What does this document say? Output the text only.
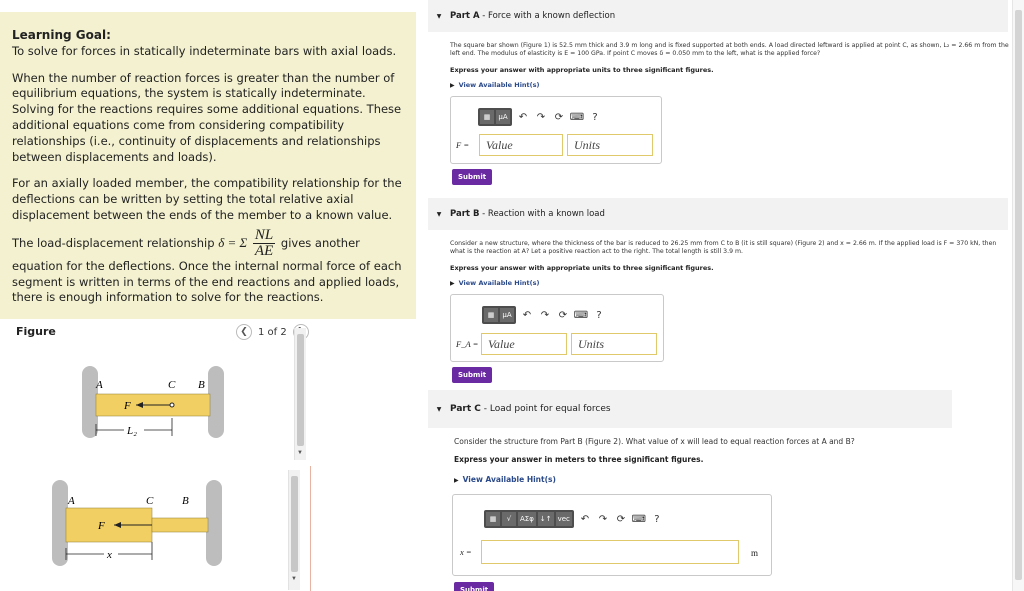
Learning Goal:

To solve for forces in statically indeterminate bars with axial loads.

When the number of reaction forces is greater than the number of equilibrium equations, the system is statically indeterminate. Solving for the reactions requires some additional equations. These additional equations come from considering compatibility relationships (i.e., continuity of displacements and relationships between displacements and loads).

For an axially loaded member, the compatibility relationship for the deflections can be written by setting the total relative axial displacement between the ends of the member to a known value.

The load-displacement relationship δ = Σ $\frac{NL}{AE}$ gives another
equation for the deflections. Once the internal normal force of each segment is written in terms of the end reactions and applied loads, there is enough information to solve for the reactions.
Figure	❮	1 of 2
A	C B
F
L₂
▼
A	C	B
F
x
▼
▼	Part A - Force with a known deflection
The square bar shown (Figure 1) is 52.5 mm thick and 3.9 m long and is fixed supported at both ends. A load directed leftward is applied at point C, as shown, L₂ = 2.66 m from the left end. The modulus of elasticity is E = 100 GPa. If point C moves δ = 0.050 mm to the left, what is the applied force?
Express your answer with appropriate units to three significant figures.
▶ View Available Hint(s)
▦	μA ↶ ↷ ⟳ ⌨ ?
F =
Value
Units
Submit
▼	Part B - Reaction with a known load
Consider a new structure, where the thickness of the bar is reduced to 26.25 mm from C to B (it is still square) (Figure 2) and x = 2.66 m. If the applied load is F = 370 kN, then what is the reaction at A? Let a positive reaction act to the right. The total length is still 3.9 m.
Express your answer with appropriate units to three significant figures.
▶ View Available Hint(s)
▦	μA ↶ ↷ ⟳ ⌨ ?
F_A =
Value
Units
Submit
▼ Part C - Load point for equal forces
Consider the structure from Part B (Figure 2). What value of x will lead to equal reaction forces at A and B?
Express your answer in meters to three significant figures.
▶ View Available Hint(s)
▦	√	ΑΣφ ↓↑ vec ↶ ↷ ⟳ ⌨ ?
x =	m
Submit
